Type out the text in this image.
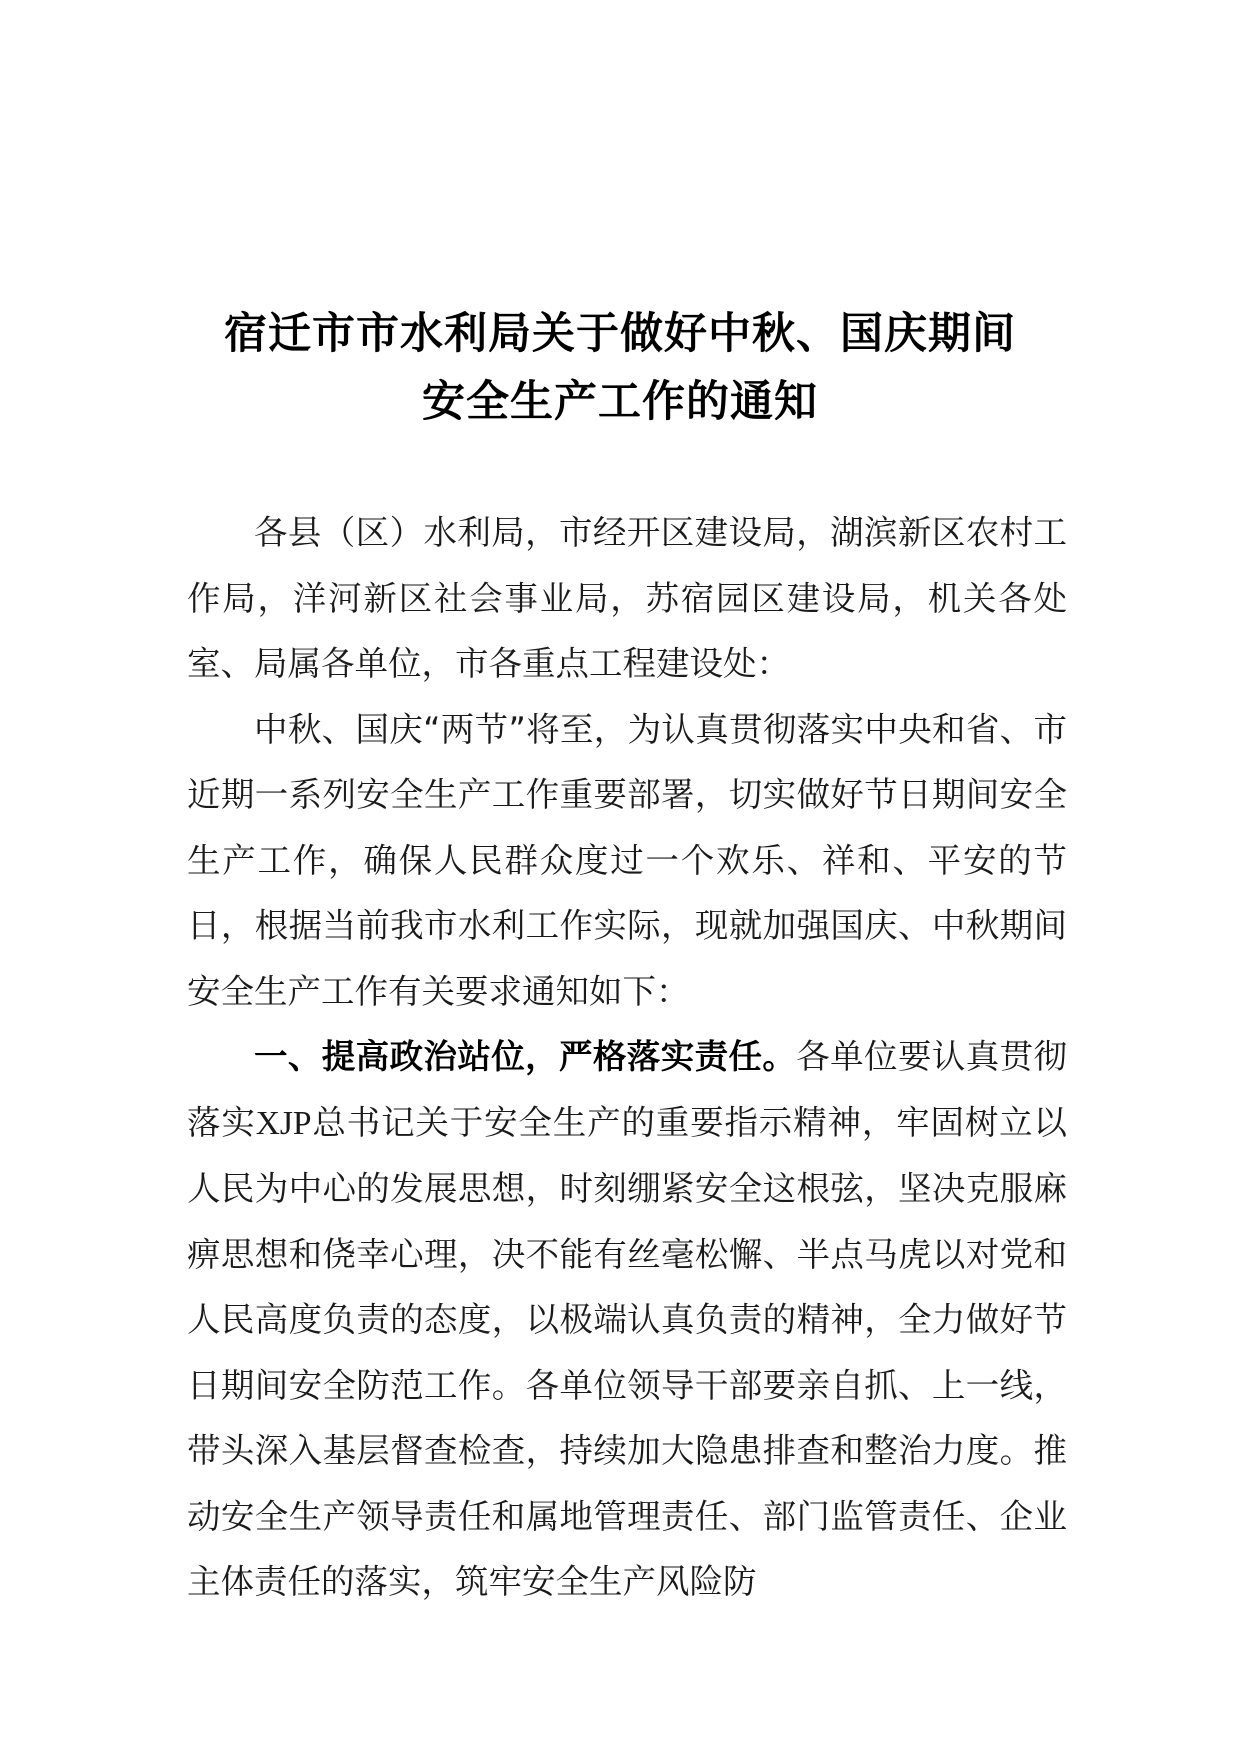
宿迁市市水利局关于做好中秋、国庆期间
安全生产工作的通知

各县（区）水利局，市经开区建设局，湖滨新区农村工作局，洋河新区社会事业局，苏宿园区建设局，机关各处室、局属各单位，市各重点工程建设处：

中秋、国庆“两节”将至，为认真贯彻落实中央和省、市近期一系列安全生产工作重要部署，切实做好节日期间安全生产工作，确保人民群众度过一个欢乐、祥和、平安的节日，根据当前我市水利工作实际，现就加强国庆、中秋期间安全生产工作有关要求通知如下：

一、提高政治站位，严格落实责任。各单位要认真贯彻落实XJP总书记关于安全生产的重要指示精神，牢固树立以人民为中心的发展思想，时刻绷紧安全这根弦，坚决克服麻痹思想和侥幸心理，决不能有丝毫松懈、半点马虎以对党和人民高度负责的态度，以极端认真负责的精神，全力做好节日期间安全防范工作。各单位领导干部要亲自抓、上一线，带头深入基层督查检查，持续加大隐患排查和整治力度。推动安全生产领导责任和属地管理责任、部门监管责任、企业主体责任的落实，筑牢安全生产风险防
